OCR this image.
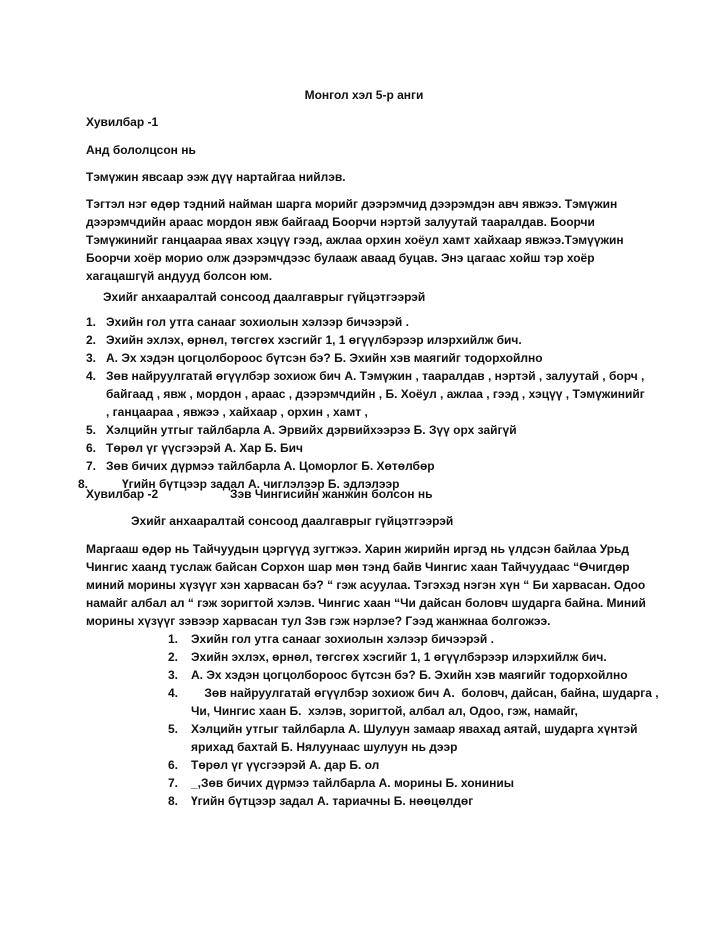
Монгол хэл 5-р анги
Хувилбар -1
Анд бололцсон нь
Тэмүжин явсаар ээж дүү нартайгаа нийлэв.
Тэгтэл нэг өдөр тэдний найман шарга морийг дээрэмчид дээрэмдэн авч явжээ. Тэмүжин дээрэмчдийн араас мордон явж байгаад Боорчи нэртэй залуутай таарaлдав. Боорчи Тэмүжинийг ганцаараа явах хэцүү гээд, ажлаа орхин хоёул хамт хайхаар явжээ.Тэмүүжин Боорчи хоёр морио олж дээрэмчдээс булааж аваад буцав. Энэ цагаас хойш тэр хоёр хагацашгүй андууд болсон юм.
Эхийг анхааралтай сонсоод даалгаврыг гүйцэтгээрэй
1. Эхийн гол утга санааг зохиолын хэлээр бичээрэй .
2. Эхийн эхлэх, өрнөл, төгсгөх хэсгийг 1, 1 өгүүлбэрээр илэрхийлж бич.
3. А. Эх хэдэн цогцолбороос бүтсэн бэ? Б. Эхийн хэв маягийг тодорхойлно
4. Зөв найруулгатай өгүүлбэр зохиож бич А. Тэмүжин , таарaлдав , нэртэй , залуутай , борч , байгаад , явж , мордон , араас , дээрэмчдийн , Б. Хоёул , ажлаа , гээд , хэцүү , Тэмүжинийг , ганцаараа , явжээ , хайхаар , орхин , хамт ,
5. Хэлцийн утгыг тайлбарла А. Эрвийх дэрвийхээрээ Б. Зүү орх зайгүй
6. Төрөл үг үүсгээрэй А. Хар Б. Бич
7. Зөв бичих дүрмээ тайлбарла А. Цоморлог Б. Хөтөлбөр
8.	Үгийн бүтцээр задал А. чиглэлээр Б. эдлэлээр
Хувилбар -2	Зэв Чингисийн жанжин болсон нь
Эхийг анхааралтай сонсоод даалгаврыг гүйцэтгээрэй
Маргааш өдөр нь Тайчуудын цэргүүд зугтжээ. Харин жирийн иргэд нь үлдсэн байлаа Урьд Чингис хаанд туслаж байсан Сорхон шар мөн тэнд байв Чингис хаан Тайчуудаас “Өчигдөр миний морины хүзүүг хэн харвасан бэ? “ гэж асуулаа. Тэгэхэд нэгэн хүн “ Би харвасан. Одоо намайг албал ал “ гэж зоригтой хэлэв. Чингис хаан “Чи дайсан боловч шударга байна. Миний морины хүзүүг зэвээр харвасан тул Зэв гэж нэрлэе? Гээд жанжнаа болгожээ.
1. Эхийн гол утга санааг зохиолын хэлээр бичээрэй .
2. Эхийн эхлэх, өрнөл, төгсгөх хэсгийг 1, 1 өгүүлбэрээр илэрхийлж бич.
3. А. Эх хэдэн цогцолбороос бүтсэн бэ? Б. Эхийн хэв маягийг тодорхойлно
4. Зөв найруулгатай өгүүлбэр зохиож бич А.  боловч, дайсан, байна, шударга , Чи, Чингис хаан Б.  хэлэв, зоригтой, албал ал, Одоо, гэж, намайг,
5. Хэлцийн утгыг тайлбарла А. Шулуун замаар явахад аятай, шударга хүнтэй ярихад бахтай Б. Нялуунаас шулуун нь дээр
6. Төрөл үг үүсгээрэй А. дар Б. ол
7. _,Зөв бичих дүрмээ тайлбарла А. морины Б. хониниы
8. Үгийн бүтцээр задал А. тариачны Б. нөөцөлдөг
